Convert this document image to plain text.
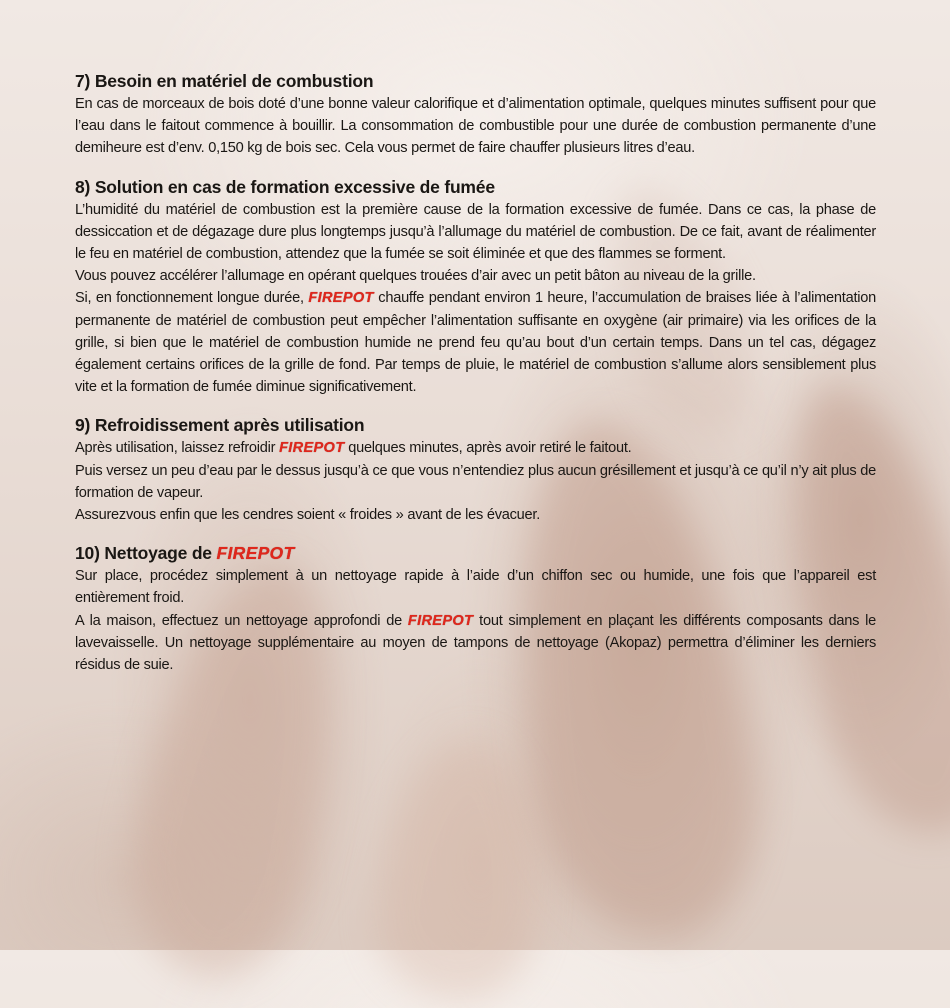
7) Besoin en matériel de combustion

En cas de morceaux de bois doté d’une bonne valeur calorifique et d’alimentation optimale, quelques minutes suffisent pour que l’eau dans le faitout commence à bouillir. La consommation de combustible pour une durée de combustion permanente d’une demiheure est d’env. 0,150 kg de bois sec. Cela vous permet de faire chauffer plusieurs litres d’eau.

8) Solution en cas de formation excessive de fumée

L’humidité du matériel de combustion est la première cause de la formation excessive de fumée. Dans ce cas, la phase de dessiccation et de dégazage dure plus longtemps jusqu’à l’allumage du matériel de combustion. De ce fait, avant de réalimenter le feu en matériel de combustion, attendez que la fumée se soit éliminée et que des flammes se forment.

Vous pouvez accélérer l’allumage en opérant quelques trouées d’air avec un petit bâton au niveau de la grille.

Si, en fonctionnement longue durée, FIREPOT chauffe pendant environ 1 heure, l’accumulation de braises liée à l’alimentation permanente de matériel de combustion peut empêcher l’alimentation suffisante en oxygène (air primaire) via les orifices de la grille, si bien que le matériel de combustion humide ne prend feu qu’au bout d’un certain temps. Dans un tel cas, dégagez également certains orifices de la grille de fond. Par temps de pluie, le matériel de combustion s’allume alors sensiblement plus vite et la formation de fumée diminue significativement.

9) Refroidissement après utilisation

Après utilisation, laissez refroidir FIREPOT quelques minutes, après avoir retiré le faitout.

Puis versez un peu d’eau par le dessus jusqu’à ce que vous n’entendiez plus aucun grésillement et jusqu’à ce qu’il n’y ait plus de formation de vapeur.

Assurezvous enfin que les cendres soient « froides » avant de les évacuer.

10) Nettoyage de FIREPOT

Sur place, procédez simplement à un nettoyage rapide à l’aide d’un chiffon sec ou humide, une fois que l’appareil est entièrement froid.

A la maison, effectuez un nettoyage approfondi de FIREPOT tout simplement en plaçant les différents composants dans le lavevaisselle. Un nettoyage supplémentaire au moyen de tampons de nettoyage (Akopaz) permettra d’éliminer les derniers résidus de suie.
